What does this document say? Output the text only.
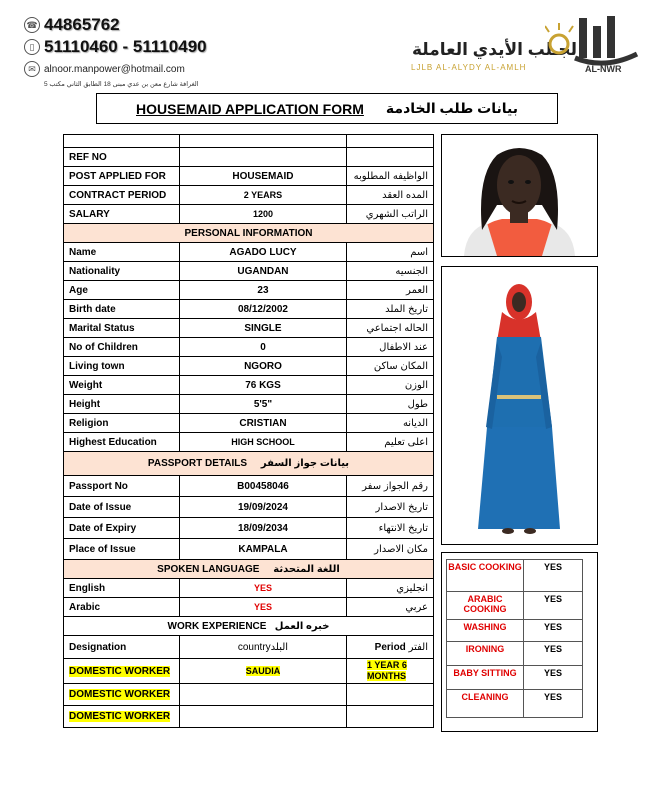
☎ 44865762
▯ 51110460 - 51110490
✉ alnoor.manpower@hotmail.com
الغرافة شارع معن بن عدي مبنى 18 الطابق الثاني مكتب 5
لجـلب الأيدي العاملة
LJLB AL-ALYDY AL-AMLH	AL-NWR
HOUSEMAID APPLICATION FORM بيانات طلب الخادمة

REF NO		
POST APPLIED FOR	HOUSEMAID	الواظيفه المطلوبه
CONTRACT PERIOD	2 YEARS	المده العقد
SALARY	1200	الراتب الشهري
PERSONAL INFORMATION		
Name	AGADO LUCY	اسم
Nationality	UGANDAN	الجنسيه
Age	23	العمر
Birth date	08/12/2002	تاريخ الملد
Marital Status	SINGLE	الحاله اجتماعي
No of Children	0	عند الاطفال
Living town	NGORO	المكان ساكن
Weight	76 KGS	الوزن
Height	5'5"	طول
Religion	CRISTIAN	الديانه
Highest Education	HIGH SCHOOL	اعلى تعليم
PASSPORT DETAILS بيانات جواز السفر		
Passport No	B00458046	رقم الجواز سفر
Date of Issue	19/09/2024	تاريخ الاصدار
Date of Expiry	18/09/2034	تاريخ الانتهاء
Place of Issue	KAMPALA	مكان الاصدار
SPOKEN LANGUAGE اللغة المتحدثة		
English	YES	انجليزي
Arabic	YES	عربي
WORK EXPERIENCE خبره العمل		
Designation	countryالبلد	الفتر Period
DOMESTIC WORKER	SAUDIA	1 YEAR 6 MONTHS
DOMESTIC WORKER		
DOMESTIC WORKER		
BASIC COOKING	YES
ARABIC COOKING	YES
WASHING	YES
IRONING	YES
BABY SITTING	YES
CLEANING	YES
